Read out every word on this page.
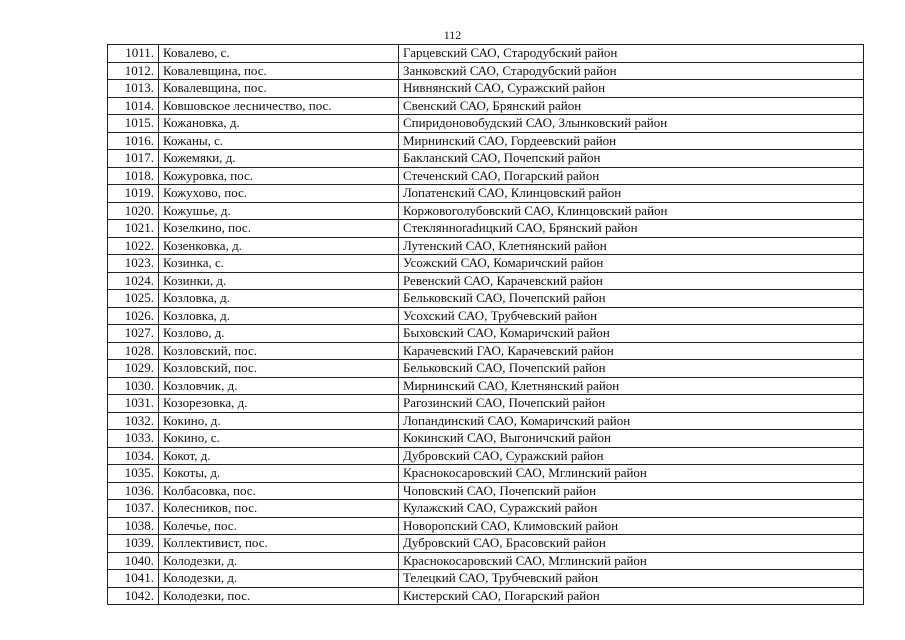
112
1011.	Ковалево, с.	Гарцевский САО, Стародубский район
1012.	Ковалевщина, пос.	Занковский САО, Стародубский район
1013.	Ковалевщина, пос.	Нивнянский САО, Суражский район
1014.	Ковшовское лесничество, пос.	Свенский САО, Брянский район
1015.	Кожановка, д.	Спиридоновобудский САО, Злынковский район
1016.	Кожаны, с.	Мирнинский САО, Гордеевский район
1017.	Кожемяки, д.	Бакланский САО, Почепский район
1018.	Кожуровка, пос.	Стеченский САО, Погарский район
1019.	Кожухово, пос.	Лопатенский САО, Клинцовский район
1020.	Кожушье, д.	Коржовоголубовский САО, Клинцовский район
1021.	Козелкино, пос.	Стеклянноradицкий САО, Брянский район
1022.	Козенковка, д.	Лутенский САО, Клетнянский район
1023.	Козинка, с.	Усожский САО, Комаричский район
1024.	Козинки, д.	Ревенский САО, Карачевский район
1025.	Козловка, д.	Бельковский САО, Почепский район
1026.	Козловка, д.	Усохский САО, Трубчевский район
1027.	Козлово, д.	Быховский САО, Комаричский район
1028.	Козловский, пос.	Карачевский ГАО, Карачевский район
1029.	Козловский, пос.	Бельковский САО, Почепский район
1030.	Козловчик, д.	Мирнинский САО, Клетнянский район
1031.	Козорезовка, д.	Рагозинский САО, Почепский район
1032.	Кокино, д.	Лопандинский САО, Комаричский район
1033.	Кокино, с.	Кокинский САО, Выгоничский район
1034.	Кокот, д.	Дубровский САО, Суражский район
1035.	Кокоты, д.	Краснокосаровский САО, Мглинский район
1036.	Колбасовка, пос.	Чоповский САО, Почепский район
1037.	Колесников, пос.	Кулажский САО, Суражский район
1038.	Колечье, пос.	Новоропский САО, Климовский район
1039.	Коллективист, пос.	Дубровский САО, Брасовский район
1040.	Колодезки, д.	Краснокосаровский САО, Мглинский район
1041.	Колодезки, д.	Телецкий САО, Трубчевский район
1042.	Колодезки, пос.	Кистерский САО, Погарский район
